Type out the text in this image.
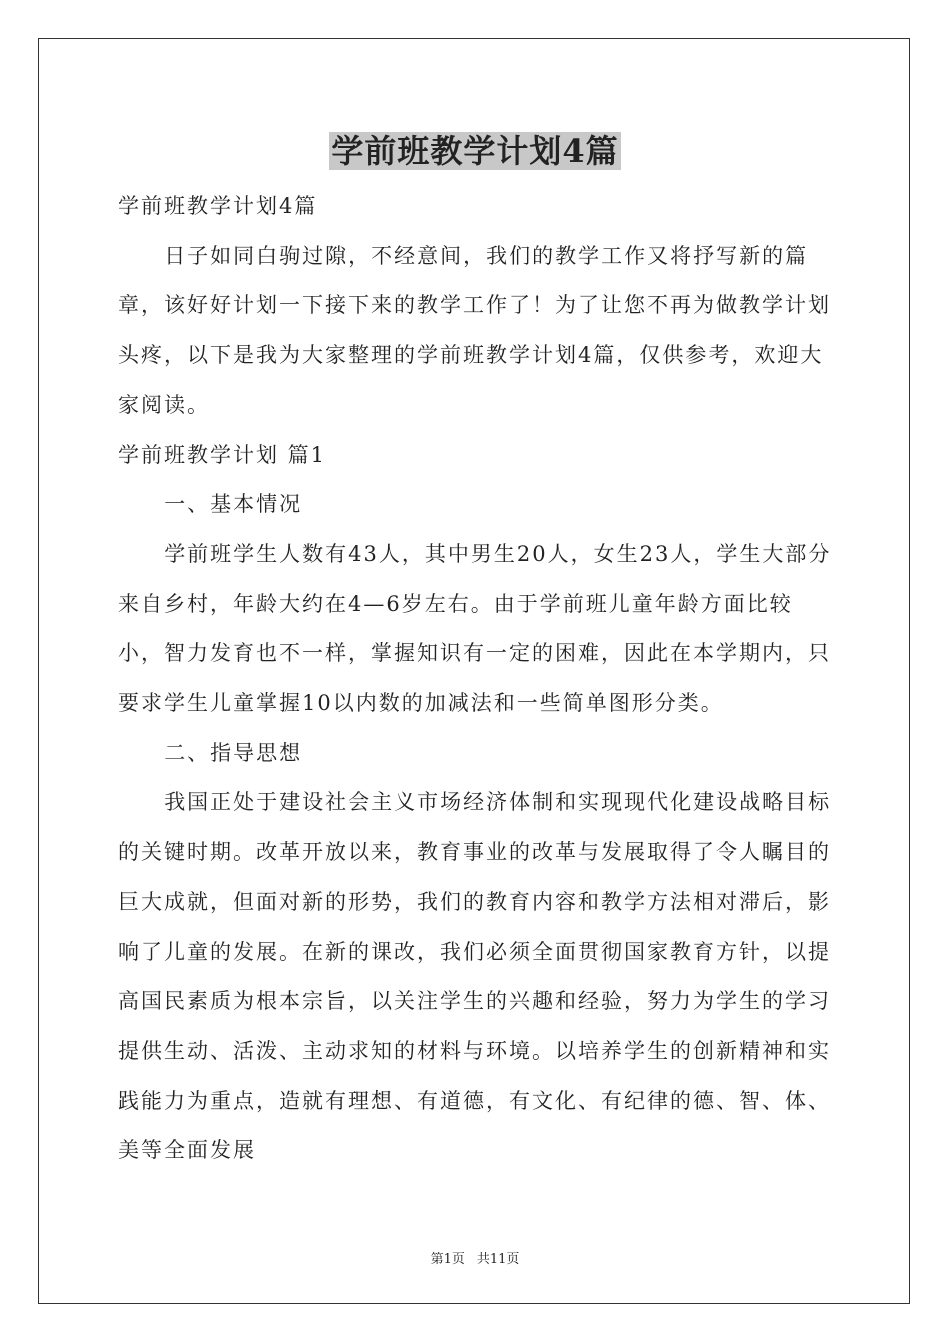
学前班教学计划4篇

学前班教学计划4篇

日子如同白驹过隙，不经意间，我们的教学工作又将抒写新的篇章，该好好计划一下接下来的教学工作了！为了让您不再为做教学计划头疼，以下是我为大家整理的学前班教学计划4篇，仅供参考，欢迎大家阅读。

学前班教学计划 篇1

一、基本情况

学前班学生人数有43人，其中男生20人，女生23人，学生大部分来自乡村，年龄大约在4—6岁左右。由于学前班儿童年龄方面比较小，智力发育也不一样，掌握知识有一定的困难，因此在本学期内，只要求学生儿童掌握10以内数的加减法和一些简单图形分类。

二、指导思想

我国正处于建设社会主义市场经济体制和实现现代化建设战略目标的关键时期。改革开放以来，教育事业的改革与发展取得了令人瞩目的巨大成就，但面对新的形势，我们的教育内容和教学方法相对滞后，影响了儿童的发展。在新的课改，我们必须全面贯彻国家教育方针，以提高国民素质为根本宗旨，以关注学生的兴趣和经验，努力为学生的学习提供生动、活泼、主动求知的材料与环境。以培养学生的创新精神和实践能力为重点，造就有理想、有道德，有文化、有纪律的德、智、体、美等全面发展

第1页 共11页
